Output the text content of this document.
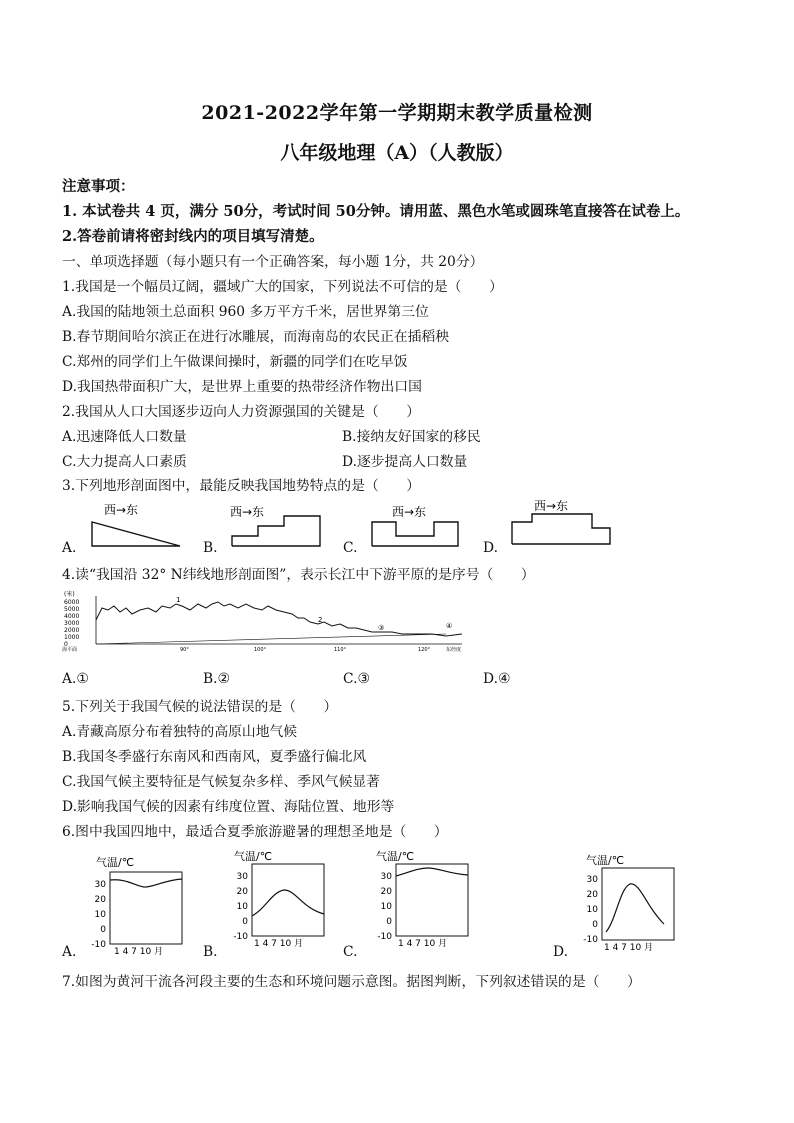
2021-2022学年第一学期期末教学质量检测
八年级地理（A）（人教版）
注意事项：
1. 本试卷共 4 页，满分 50分，考试时间 50分钟。请用蓝、黑色水笔或圆珠笔直接答在试卷上。
2.答卷前请将密封线内的项目填写清楚。
一、单项选择题（每小题只有一个正确答案，每小题 1分，共 20分）
1.我国是一个幅员辽阔，疆域广大的国家，下列说法不可信的是（　　）
A.我国的陆地领土总面积 960 多万平方千米，居世界第三位
B.春节期间哈尔滨正在进行冰雕展，而海南岛的农民正在插稻秧
C.郑州的同学们上午做课间操时，新疆的同学们在吃早饭
D.我国热带面积广大，是世界上重要的热带经济作物出口国
2.我国从人口大国逐步迈向人力资源强国的关键是（　　）
A.迅速降低人口数量	B.接纳友好国家的移民
C.大力提高人口素质	D.逐步提高人口数量
3.下列地形剖面图中，最能反映我国地势特点的是（　　）
A.
西→东
B.
西→东
C.
西→东
D.
西→东
4.读“我国沿 32° N纬线地形剖面图”，表示长江中下游平原的是序号（　　）
(米)
6000
5000
4000
3000
2000
1000
0
海平面
1
2
③	④
90°	100°	110°	120°	东经度
A.①	B.②	C.③	D.④
5.下列关于我国气候的说法错误的是（　　）
A.青藏高原分布着独特的高原山地气候
B.我国冬季盛行东南风和西南风，夏季盛行偏北风
C.我国气候主要特征是气候复杂多样、季风气候显著
D.影响我国气候的因素有纬度位置、海陆位置、地形等
6.图中我国四地中，最适合夏季旅游避暑的理想圣地是（　　）
A.
气温/℃
30
20
10
0
-10
1 4 7 10 月	B.
气温/℃
30
20
10
0
-10
1 4 7 10 月	C.
气温/℃
30
20
10
0
-10
1 4 7 10 月	D.
气温/℃
30
20
10
0
-10
1 4 7 10 月
7.如图为黄河干流各河段主要的生态和环境问题示意图。据图判断，下列叙述错误的是（　　）
